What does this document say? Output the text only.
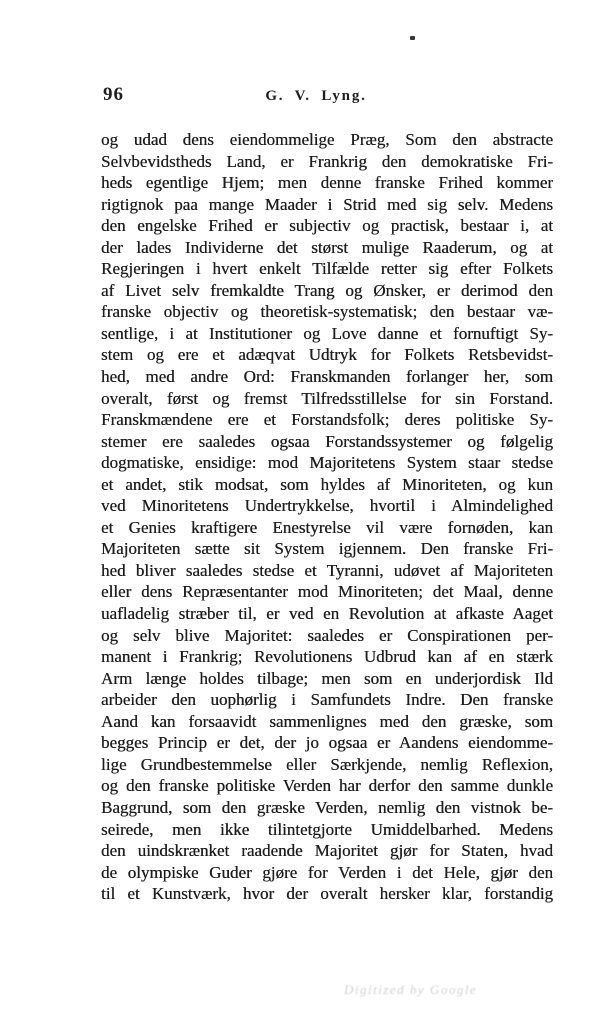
96	G. V. Lyng.
og udad dens eiendommelige Præg, Som den abstracte
Selvbevidstheds Land, er Frankrig den demokratiske Fri-
heds egentlige Hjem; men denne franske Frihed kommer
rigtignok paa mange Maader i Strid med sig selv. Medens
den engelske Frihed er subjectiv og practisk, bestaar i, at
der lades Individerne det størst mulige Raaderum, og at
Regjeringen i hvert enkelt Tilfælde retter sig efter Folkets
af Livet selv fremkaldte Trang og Ønsker, er derimod den
franske objectiv og theoretisk-systematisk; den bestaar væ-
sentlige, i at Institutioner og Love danne et fornuftigt Sy-
stem og ere et adæqvat Udtryk for Folkets Retsbevidst-
hed, med andre Ord: Franskmanden forlanger her, som
overalt, først og fremst Tilfredsstillelse for sin Forstand.
Franskmændene ere et Forstandsfolk; deres politiske Sy-
stemer ere saaledes ogsaa Forstandssystemer og følgelig
dogmatiske, ensidige: mod Majoritetens System staar stedse
et andet, stik modsat, som hyldes af Minoriteten, og kun
ved Minoritetens Undertrykkelse, hvortil i Almindelighed
et Genies kraftigere Enestyrelse vil være fornøden, kan
Majoriteten sætte sit System igjennem. Den franske Fri-
hed bliver saaledes stedse et Tyranni, udøvet af Majoriteten
eller dens Repræsentanter mod Minoriteten; det Maal, denne
uafladelig stræber til, er ved en Revolution at afkaste Aaget
og selv blive Majoritet: saaledes er Conspirationen per-
manent i Frankrig; Revolutionens Udbrud kan af en stærk
Arm længe holdes tilbage; men som en underjordisk Ild
arbeider den uophørlig i Samfundets Indre. Den franske
Aand kan forsaavidt sammenlignes med den græske, som
begges Princip er det, der jo ogsaa er Aandens eiendomme-
lige Grundbestemmelse eller Særkjende, nemlig Reflexion,
og den franske politiske Verden har derfor den samme dunkle
Baggrund, som den græske Verden, nemlig den vistnok be-
seirede, men ikke tilintetgjorte Umiddelbarhed. Medens
den uindskrænket raadende Majoritet gjør for Staten, hvad
de olympiske Guder gjøre for Verden i det Hele, gjør den
til et Kunstværk, hvor der overalt hersker klar, forstandig
Digitized by Google
